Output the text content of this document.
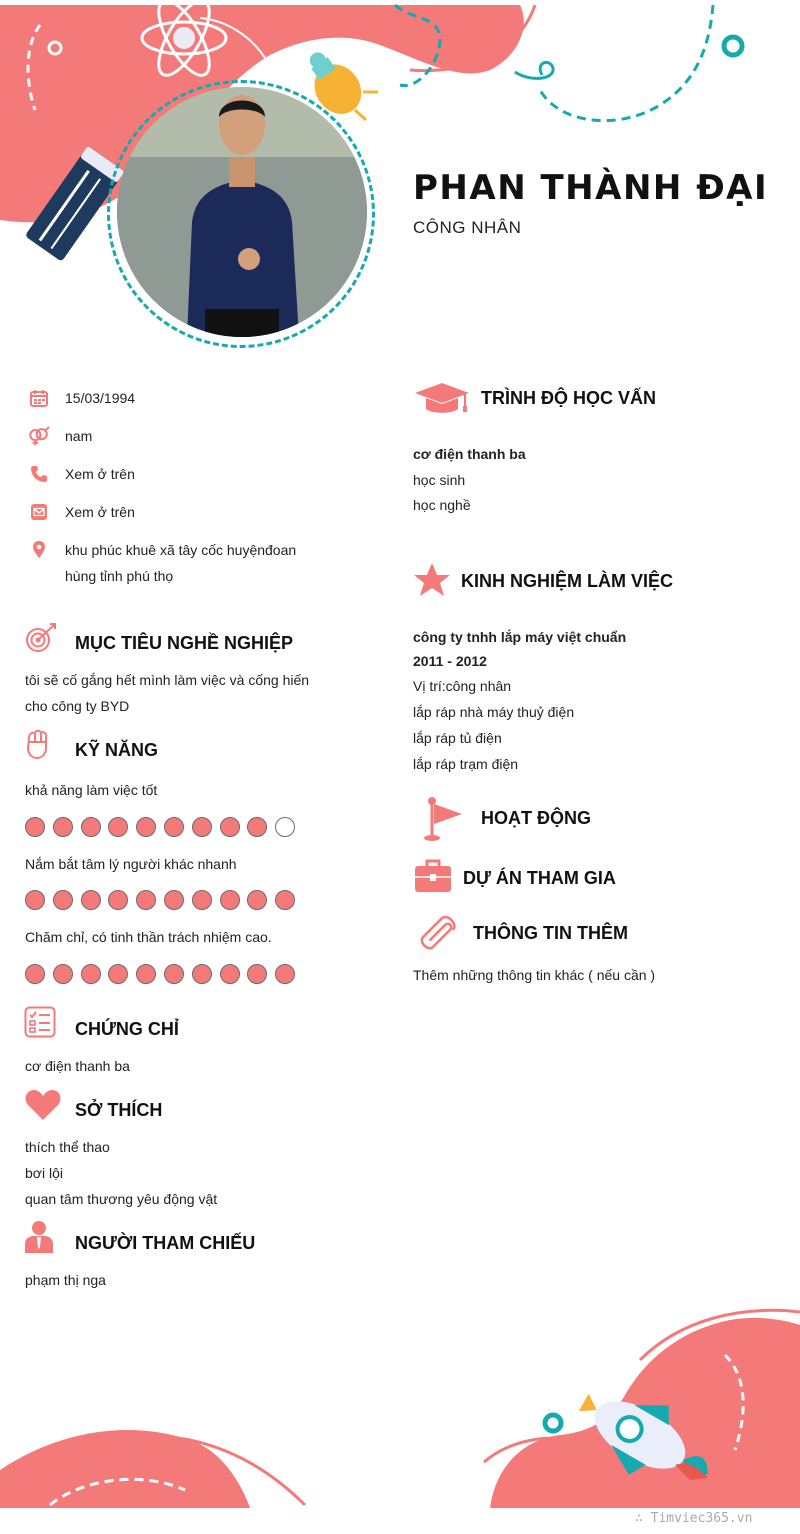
PHAN THÀNH ĐẠI
CÔNG NHÂN
15/03/1994
nam
Xem ở trên
Xem ở trên
khu phúc khuê xã tây cốc huyệnđoan
hùng tỉnh phú thọ
MỤC TIÊU NGHỀ NGHIỆP
tôi sẽ cố gắng hết mình làm việc và cống hiến
cho công ty BYD
KỸ NĂNG
khả năng làm việc tốt
Nắm bắt tâm lý người khác nhanh
Chăm chỉ, có tinh thần trách nhiệm cao.
CHỨNG CHỈ
cơ điện thanh ba
SỞ THÍCH
thích thể thao
bơi lội
quan tâm thương yêu động vật
NGƯỜI THAM CHIẾU
phạm thị nga
TRÌNH ĐỘ HỌC VẤN
cơ điện thanh ba
học sinh
học nghề
KINH NGHIỆM LÀM VIỆC
công ty tnhh lắp máy việt chuẩn
2011 - 2012
Vị trí:công nhân
lắp ráp nhà máy thuỷ điện
lắp ráp tủ điện
lắp ráp trạm điện
HOẠT ĐỘNG
DỰ ÁN THAM GIA
THÔNG TIN THÊM
Thêm những thông tin khác ( nếu cần )
∴ Timviec365.vn
